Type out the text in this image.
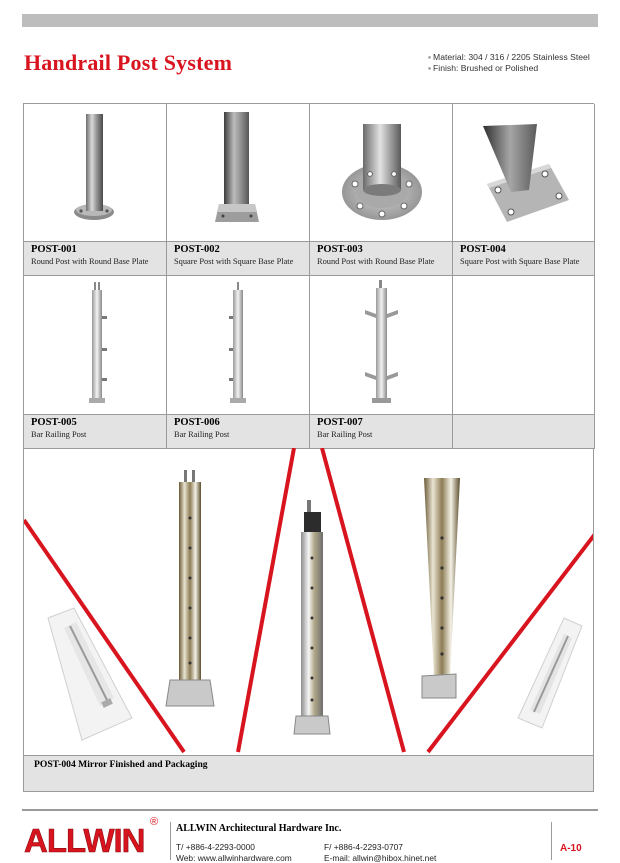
Handrail Post System	▪ Material: 304 / 316 / 2205 Stainless Steel
▪ Finish: Brushed or Polished
POST-001
Round Post with Round Base Plate
POST-002
Square Post with Square Base Plate
POST-003
Round Post with Round Base Plate
POST-004
Square Post with Square Base Plate
POST-005
Bar Railing Post
POST-006
Bar Railing Post
POST-007
Bar Railing Post
POST-004 Mirror Finished and Packaging
ALLWIN ®
ALLWIN Architectural Hardware Inc.
T/ +886-4-2293-0000	F/ +886-4-2293-0707
Web: www.allwinhardware.com	E-mail: allwin@hibox.hinet.net
A-10
